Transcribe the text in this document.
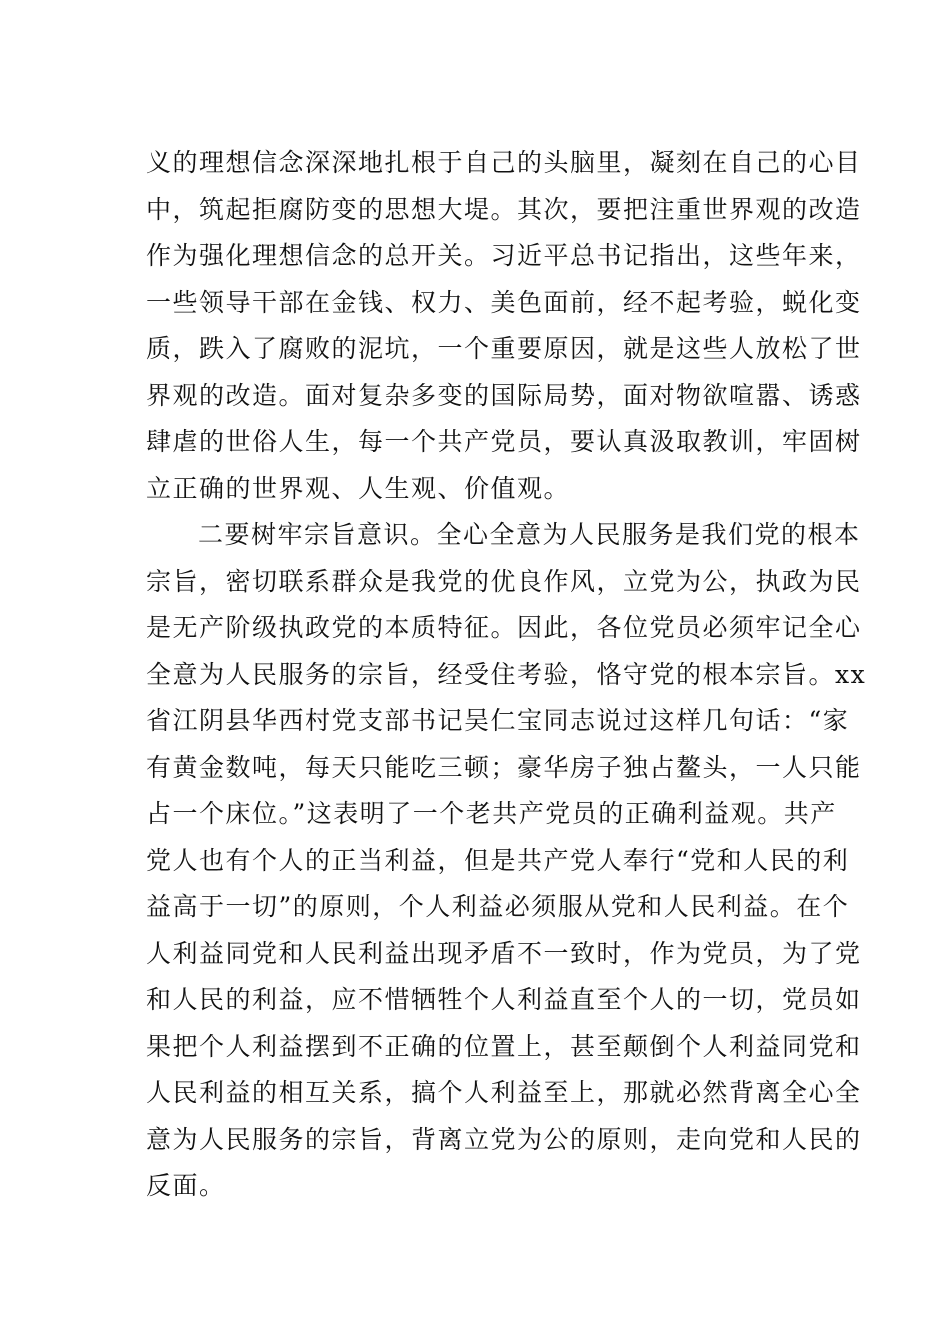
义的理想信念深深地扎根于自己的头脑里，凝刻在自己的心目
中，筑起拒腐防变的思想大堤。其次，要把注重世界观的改造
作为强化理想信念的总开关。习近平总书记指出，这些年来，
一些领导干部在金钱、权力、美色面前，经不起考验，蜕化变
质，跌入了腐败的泥坑，一个重要原因，就是这些人放松了世
界观的改造。面对复杂多变的国际局势，面对物欲喧嚣、诱惑
肆虐的世俗人生，每一个共产党员，要认真汲取教训，牢固树
立正确的世界观、人生观、价值观。
二要树牢宗旨意识。全心全意为人民服务是我们党的根本
宗旨，密切联系群众是我党的优良作风，立党为公，执政为民
是无产阶级执政党的本质特征。因此，各位党员必须牢记全心
全意为人民服务的宗旨，经受住考验，恪守党的根本宗旨。xx
省江阴县华西村党支部书记吴仁宝同志说过这样几句话：“家
有黄金数吨，每天只能吃三顿；豪华房子独占鳌头，一人只能
占一个床位。”这表明了一个老共产党员的正确利益观。共产
党人也有个人的正当利益，但是共产党人奉行“党和人民的利
益高于一切”的原则，个人利益必须服从党和人民利益。在个
人利益同党和人民利益出现矛盾不一致时，作为党员，为了党
和人民的利益，应不惜牺牲个人利益直至个人的一切，党员如
果把个人利益摆到不正确的位置上，甚至颠倒个人利益同党和
人民利益的相互关系，搞个人利益至上，那就必然背离全心全
意为人民服务的宗旨，背离立党为公的原则，走向党和人民的
反面。
